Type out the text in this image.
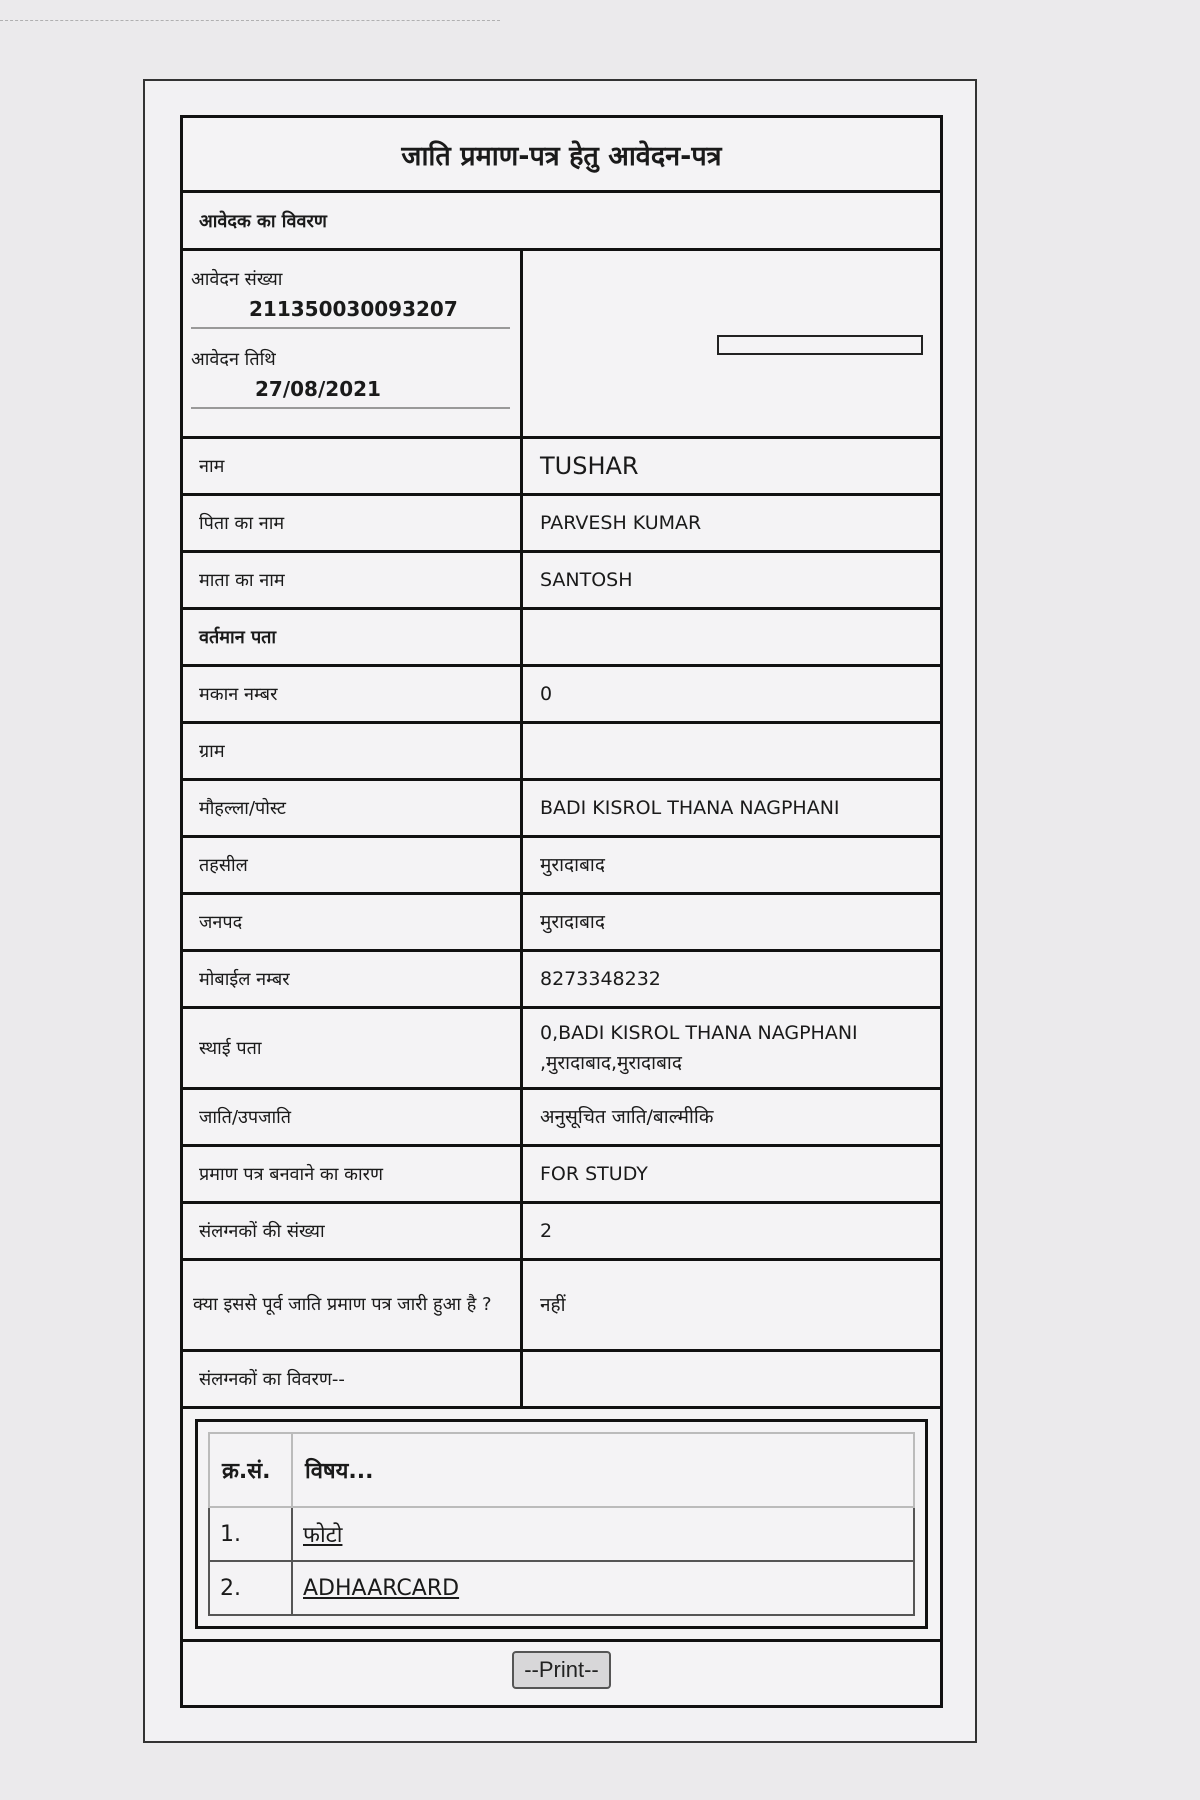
जाति प्रमाण-पत्र हेतु आवेदन-पत्र
आवेदक का विवरण
आवेदन संख्या
211350030093207
आवेदन तिथि
27/08/2021
नाम	TUSHAR
पिता का नाम	PARVESH KUMAR
माता का नाम	SANTOSH
वर्तमान पता
मकान नम्बर	0
ग्राम
मौहल्ला/पोस्ट	BADI KISROL THANA NAGPHANI
तहसील	मुरादाबाद
जनपद	मुरादाबाद
मोबाईल नम्बर	8273348232
स्थाई पता
0,BADI KISROL THANA NAGPHANI ,मुरादाबाद,मुरादाबाद
जाति/उपजाति	अनुसूचित जाति/बाल्मीकि
प्रमाण पत्र बनवाने का कारण	FOR STUDY
संलग्नकों की संख्या	2
क्या इससे पूर्व जाति प्रमाण पत्र जारी हुआ है ?	नहीं
संलग्नकों का विवरण--
क्र.सं.	विषय...
1.	फोटो
2.	ADHAARCARD
--Print--
